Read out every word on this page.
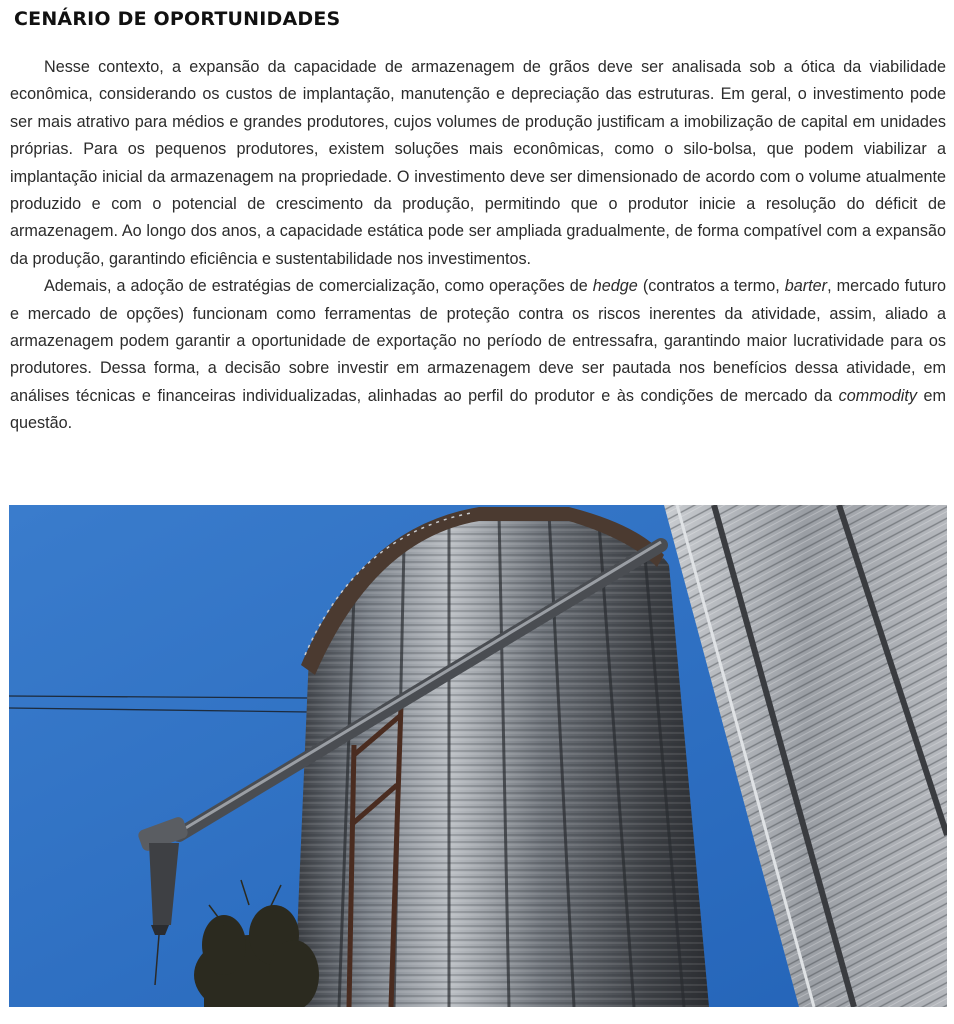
CENÁRIO DE OPORTUNIDADES

Nesse contexto, a expansão da capacidade de armazenagem de grãos deve ser analisada sob a ótica da viabilidade econômica, considerando os custos de implantação, manutenção e depreciação das estruturas. Em geral, o investimento pode ser mais atrativo para médios e grandes produtores, cujos volumes de produção justificam a imobilização de capital em unidades próprias. Para os pequenos produtores, existem soluções mais econômicas, como o silo-bolsa, que podem viabilizar a implantação inicial da armazenagem na propriedade. O investimento deve ser dimensionado de acordo com o volume atualmente produzido e com o potencial de crescimento da produção, permitindo que o produtor inicie a resolução do déficit de armazenagem. Ao longo dos anos, a capacidade estática pode ser ampliada gradualmente, de forma compatível com a expansão da produção, garantindo eficiência e sustentabilidade nos investimentos.

Ademais, a adoção de estratégias de comercialização, como operações de hedge (contratos a termo, barter, mercado futuro e mercado de opções) funcionam como ferramentas de proteção contra os riscos inerentes da atividade, assim, aliado a armazenagem podem garantir a oportunidade de exportação no período de entressafra, garantindo maior lucratividade para os produtores. Dessa forma, a decisão sobre investir em armazenagem deve ser pautada nos benefícios dessa atividade, em análises técnicas e financeiras individualizadas, alinhadas ao perfil do produtor e às condições de mercado da commodity em questão.
